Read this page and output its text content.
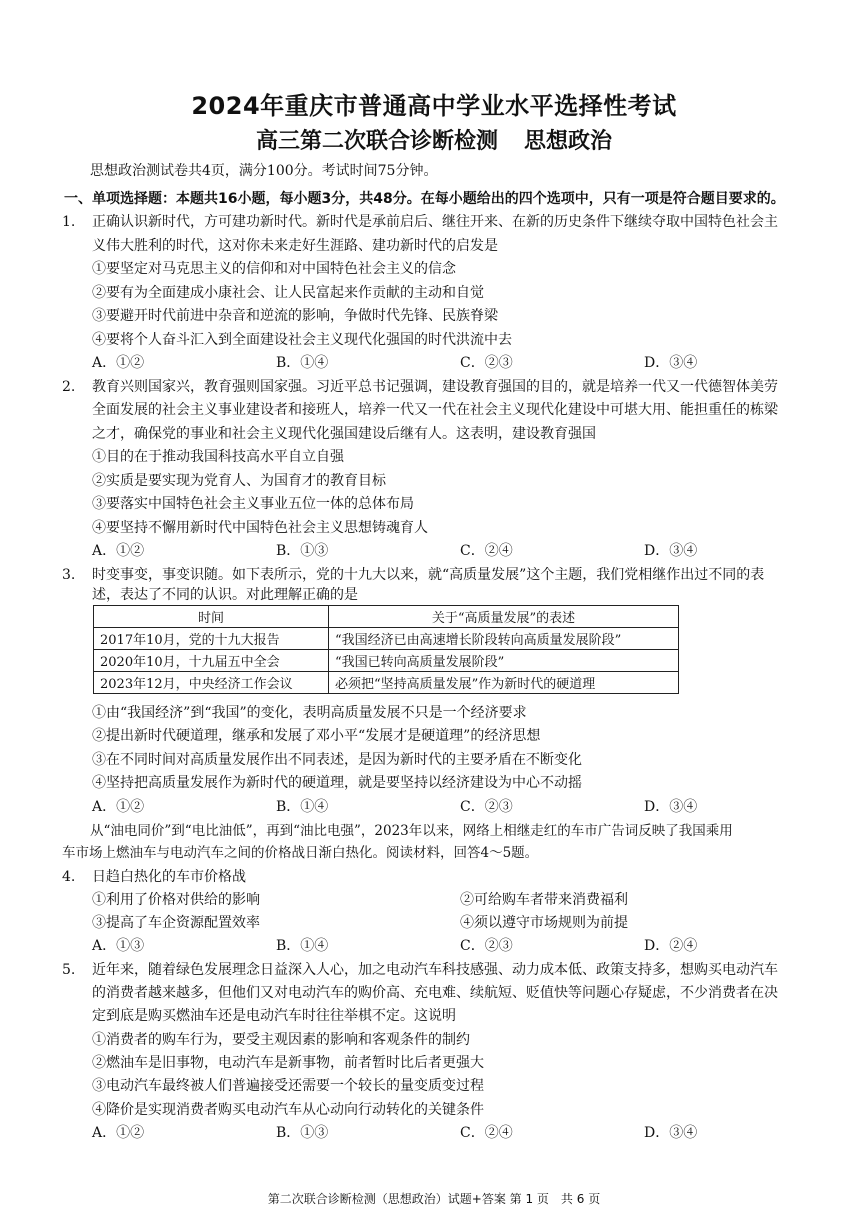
2024年重庆市普通高中学业水平选择性考试
高三第二次联合诊断检测 思想政治
思想政治测试卷共4页，满分100分。考试时间75分钟。
一、单项选择题：本题共16小题，每小题3分，共48分。在每小题给出的四个选项中，只有一项是符合题目要求的。
1. 正确认识新时代，方可建功新时代。新时代是承前启后、继往开来、在新的历史条件下继续夺取中国特色社会主
义伟大胜利的时代，这对你未来走好生涯路、建功新时代的启发是
①要坚定对马克思主义的信仰和对中国特色社会主义的信念
②要有为全面建成小康社会、让人民富起来作贡献的主动和自觉
③要避开时代前进中杂音和逆流的影响，争做时代先锋、民族脊梁
④要将个人奋斗汇入到全面建设社会主义现代化强国的时代洪流中去
A．①②	B．①④	C．②③	D．③④
2. 教育兴则国家兴，教育强则国家强。习近平总书记强调，建设教育强国的目的，就是培养一代又一代德智体美劳
全面发展的社会主义事业建设者和接班人，培养一代又一代在社会主义现代化建设中可堪大用、能担重任的栋梁
之才，确保党的事业和社会主义现代化强国建设后继有人。这表明，建设教育强国
①目的在于推动我国科技高水平自立自强
②实质是要实现为党育人、为国育才的教育目标
③要落实中国特色社会主义事业五位一体的总体布局
④要坚持不懈用新时代中国特色社会主义思想铸魂育人
A．①②	B．①③	C．②④	D．③④
3. 时变事变，事变识随。如下表所示，党的十九大以来，就“高质量发展”这个主题，我们党相继作出过不同的表
述，表达了不同的认识。对此理解正确的是
时间	关于“高质量发展”的表述
2017年10月，党的十九大报告	“我国经济已由高速增长阶段转向高质量发展阶段”
2020年10月，十九届五中全会	“我国已转向高质量发展阶段”
2023年12月，中央经济工作会议	必须把“坚持高质量发展”作为新时代的硬道理
①由“我国经济”到“我国”的变化，表明高质量发展不只是一个经济要求
②提出新时代硬道理，继承和发展了邓小平“发展才是硬道理”的经济思想
③在不同时间对高质量发展作出不同表述，是因为新时代的主要矛盾在不断变化
④坚持把高质量发展作为新时代的硬道理，就是要坚持以经济建设为中心不动摇
A．①②	B．①④	C．②③	D．③④
从“油电同价”到“电比油低”，再到“油比电强”，2023年以来，网络上相继走红的车市广告词反映了我国乘用
车市场上燃油车与电动汽车之间的价格战日渐白热化。阅读材料，回答4～5题。
4. 日趋白热化的车市价格战
①利用了价格对供给的影响	②可给购车者带来消费福利
③提高了车企资源配置效率	④须以遵守市场规则为前提
A．①③	B．①④	C．②③	D．②④
5. 近年来，随着绿色发展理念日益深入人心，加之电动汽车科技感强、动力成本低、政策支持多，想购买电动汽车
的消费者越来越多，但他们又对电动汽车的购价高、充电难、续航短、贬值快等问题心存疑虑，不少消费者在决
定到底是购买燃油车还是电动汽车时往往举棋不定。这说明
①消费者的购车行为，要受主观因素的影响和客观条件的制约
②燃油车是旧事物，电动汽车是新事物，前者暂时比后者更强大
③电动汽车最终被人们普遍接受还需要一个较长的量变质变过程
④降价是实现消费者购买电动汽车从心动向行动转化的关键条件
A．①②	B．①③	C．②④	D．③④
第二次联合诊断检测（思想政治）试题+答案 第 1 页　共 6 页
